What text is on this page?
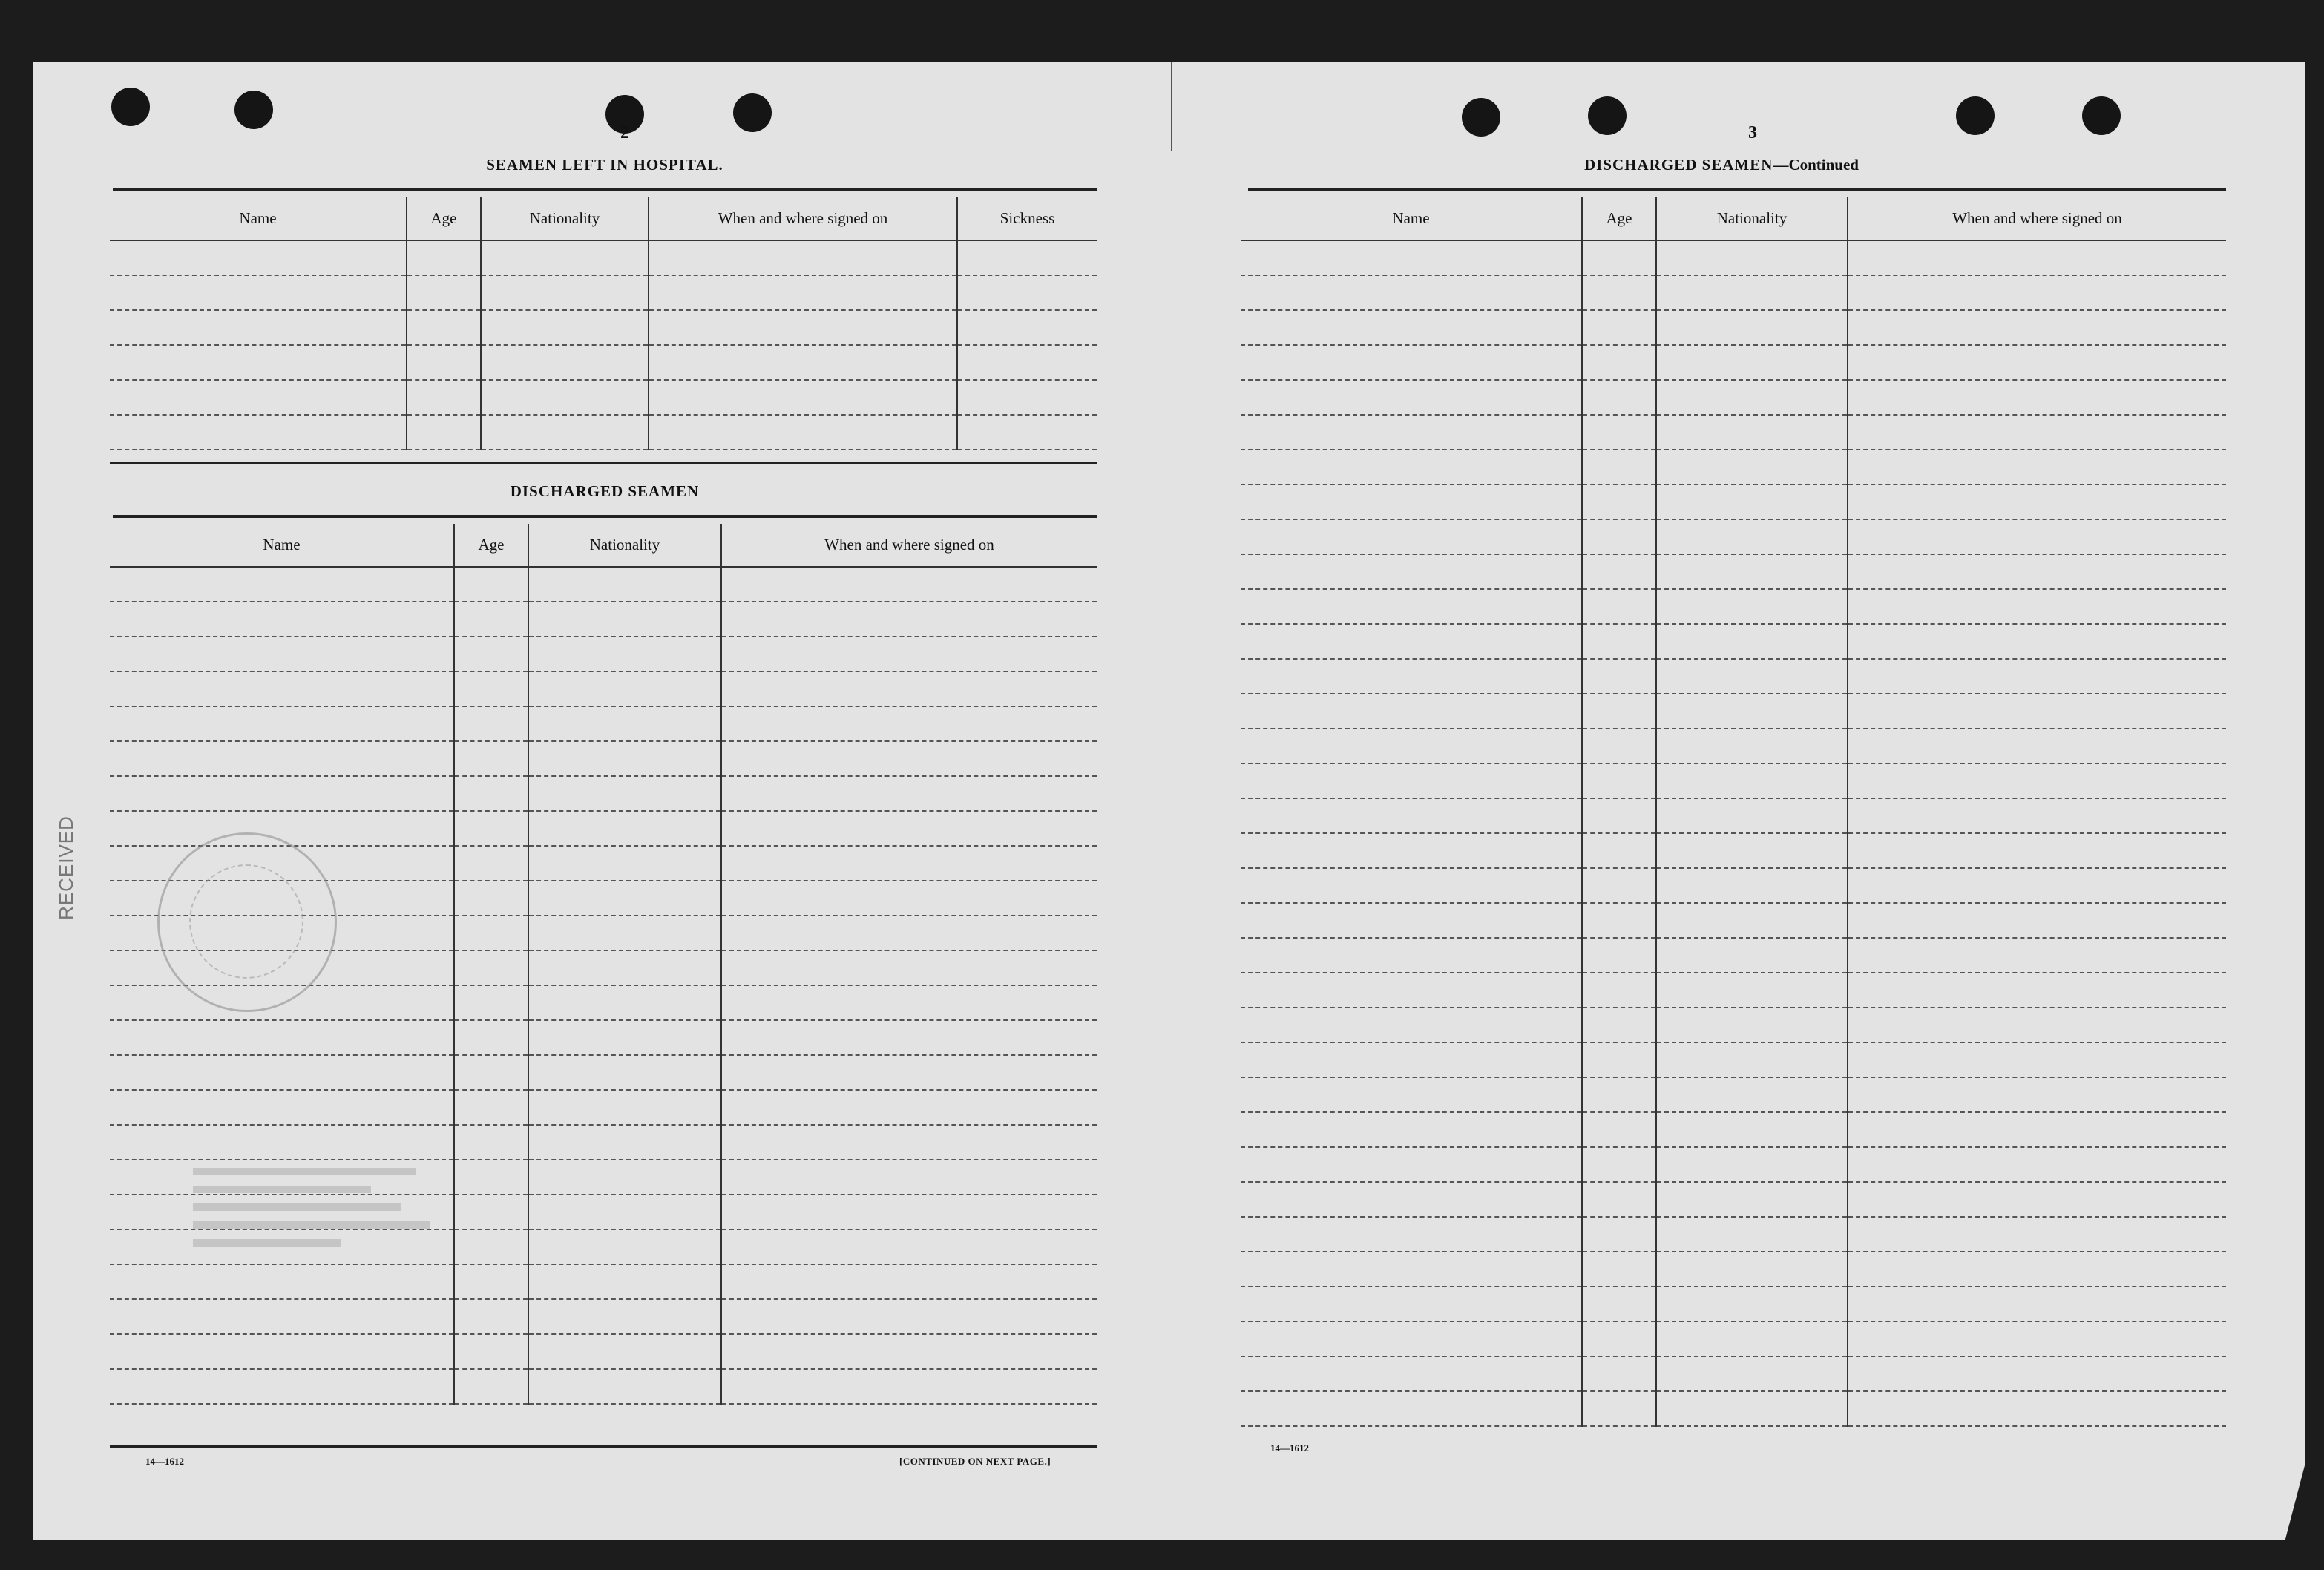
2
SEAMEN LEFT IN HOSPITAL.
Name	Age	Nationality	When and where signed on	Sickness

DISCHARGED SEAMEN
Name	Age	Nationality	When and where signed on

14—1612	[CONTINUED ON NEXT PAGE.]
RECEIVED
3
DISCHARGED SEAMEN—Continued
Name	Age	Nationality	When and where signed on

14—1612
